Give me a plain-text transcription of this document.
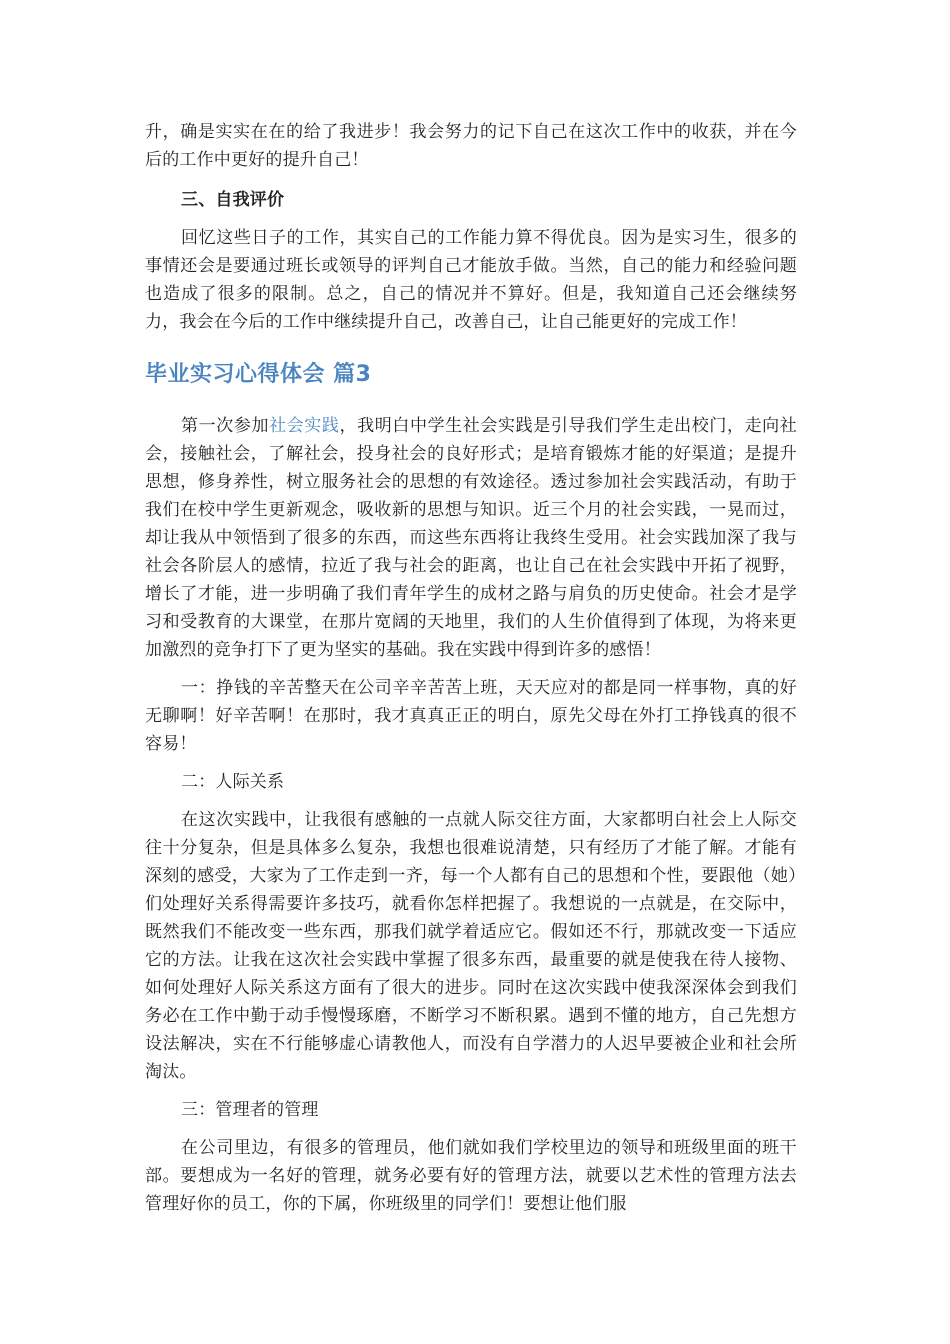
升，确是实实在在的给了我进步！我会努力的记下自己在这次工作中的收获，并在今后的工作中更好的提升自己！

三、自我评价

回忆这些日子的工作，其实自己的工作能力算不得优良。因为是实习生，很多的事情还会是要通过班长或领导的评判自己才能放手做。当然，自己的能力和经验问题也造成了很多的限制。总之，自己的情况并不算好。但是，我知道自己还会继续努力，我会在今后的工作中继续提升自己，改善自己，让自己能更好的完成工作！

毕业实习心得体会 篇3

第一次参加社会实践，我明白中学生社会实践是引导我们学生走出校门，走向社会，接触社会，了解社会，投身社会的良好形式；是培育锻炼才能的好渠道；是提升思想，修身养性，树立服务社会的思想的有效途径。透过参加社会实践活动，有助于我们在校中学生更新观念，吸收新的思想与知识。近三个月的社会实践，一晃而过，却让我从中领悟到了很多的东西，而这些东西将让我终生受用。社会实践加深了我与社会各阶层人的感情，拉近了我与社会的距离，也让自己在社会实践中开拓了视野，增长了才能，进一步明确了我们青年学生的成材之路与肩负的历史使命。社会才是学习和受教育的大课堂，在那片宽阔的天地里，我们的人生价值得到了体现，为将来更加激烈的竞争打下了更为坚实的基础。我在实践中得到许多的感悟！

一：挣钱的辛苦整天在公司辛辛苦苦上班，天天应对的都是同一样事物，真的好无聊啊！好辛苦啊！在那时，我才真真正正的明白，原先父母在外打工挣钱真的很不容易！

二：人际关系

在这次实践中，让我很有感触的一点就人际交往方面，大家都明白社会上人际交往十分复杂，但是具体多么复杂，我想也很难说清楚，只有经历了才能了解。才能有深刻的感受，大家为了工作走到一齐，每一个人都有自己的思想和个性，要跟他（她）们处理好关系得需要许多技巧，就看你怎样把握了。我想说的一点就是，在交际中，既然我们不能改变一些东西，那我们就学着适应它。假如还不行，那就改变一下适应它的方法。让我在这次社会实践中掌握了很多东西，最重要的就是使我在待人接物、如何处理好人际关系这方面有了很大的进步。同时在这次实践中使我深深体会到我们务必在工作中勤于动手慢慢琢磨，不断学习不断积累。遇到不懂的地方，自己先想方设法解决，实在不行能够虚心请教他人，而没有自学潜力的人迟早要被企业和社会所淘汰。

三：管理者的管理

在公司里边，有很多的管理员，他们就如我们学校里边的领导和班级里面的班干部。要想成为一名好的管理，就务必要有好的管理方法，就要以艺术性的管理方法去管理好你的员工，你的下属，你班级里的同学们！要想让他们服
